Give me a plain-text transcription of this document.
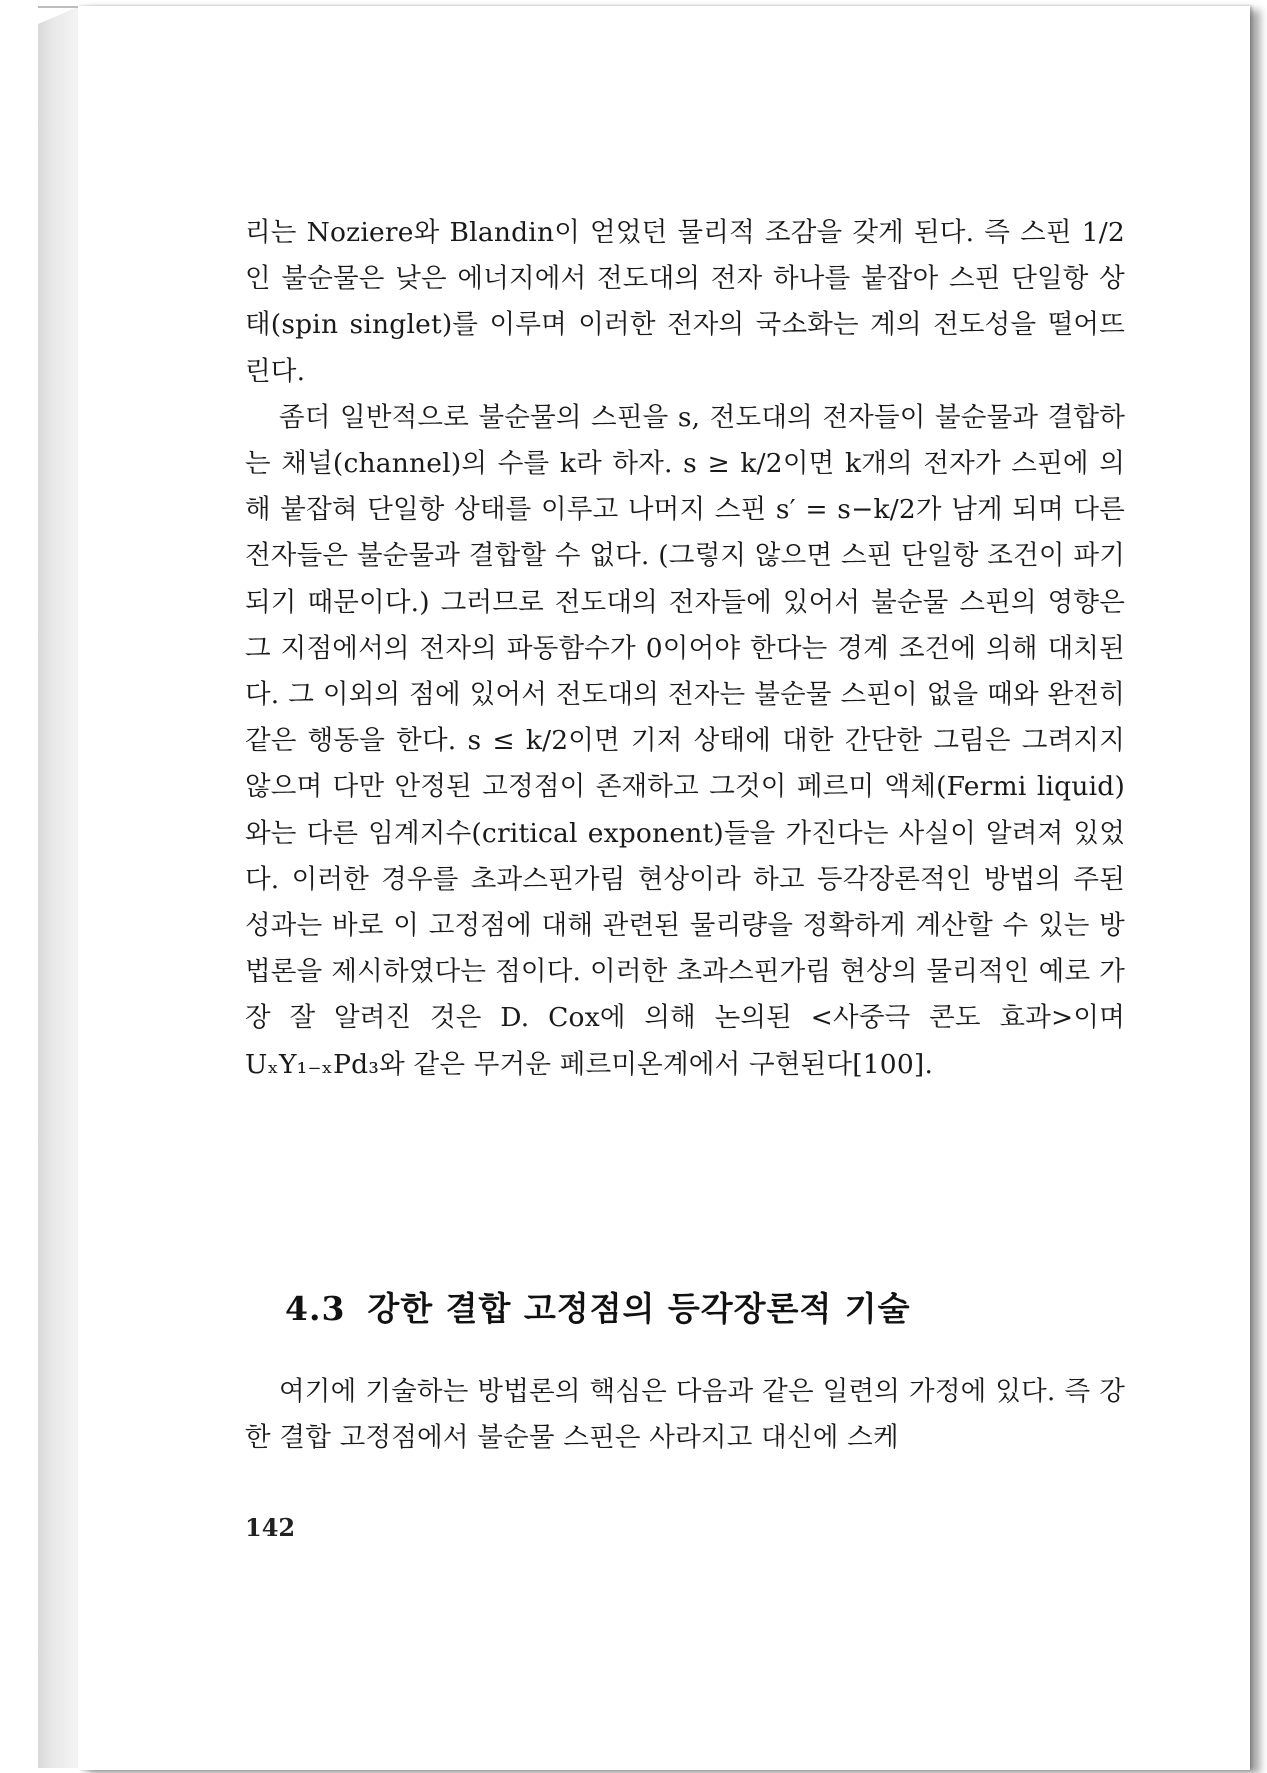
리는 Noziere와 Blandin이 얻었던 물리적 조감을 갖게 된다. 즉 스핀 1/2인 불순물은 낮은 에너지에서 전도대의 전자 하나를 붙잡아 스핀 단일항 상태(spin singlet)를 이루며 이러한 전자의 국소화는 계의 전도성을 떨어뜨린다.

좀더 일반적으로 불순물의 스핀을 s, 전도대의 전자들이 불순물과 결합하는 채널(channel)의 수를 k라 하자. s ≥ k/2이면 k개의 전자가 스핀에 의해 붙잡혀 단일항 상태를 이루고 나머지 스핀 s′ = s−k/2가 남게 되며 다른 전자들은 불순물과 결합할 수 없다. (그렇지 않으면 스핀 단일항 조건이 파기되기 때문이다.) 그러므로 전도대의 전자들에 있어서 불순물 스핀의 영향은 그 지점에서의 전자의 파동함수가 0이어야 한다는 경계 조건에 의해 대치된다. 그 이외의 점에 있어서 전도대의 전자는 불순물 스핀이 없을 때와 완전히 같은 행동을 한다. s ≤ k/2이면 기저 상태에 대한 간단한 그림은 그려지지 않으며 다만 안정된 고정점이 존재하고 그것이 페르미 액체(Fermi liquid)와는 다른 임계지수(critical exponent)들을 가진다는 사실이 알려져 있었다. 이러한 경우를 초과스핀가림 현상이라 하고 등각장론적인 방법의 주된 성과는 바로 이 고정점에 대해 관련된 물리량을 정확하게 계산할 수 있는 방법론을 제시하였다는 점이다. 이러한 초과스핀가림 현상의 물리적인 예로 가장 잘 알려진 것은 D. Cox에 의해 논의된 <사중극 콘도 효과>이며 UₓY₁₋ₓPd₃와 같은 무거운 페르미온계에서 구현된다[100].

4.3 강한 결합 고정점의 등각장론적 기술

여기에 기술하는 방법론의 핵심은 다음과 같은 일련의 가정에 있다. 즉 강한 결합 고정점에서 불순물 스핀은 사라지고 대신에 스케

142
